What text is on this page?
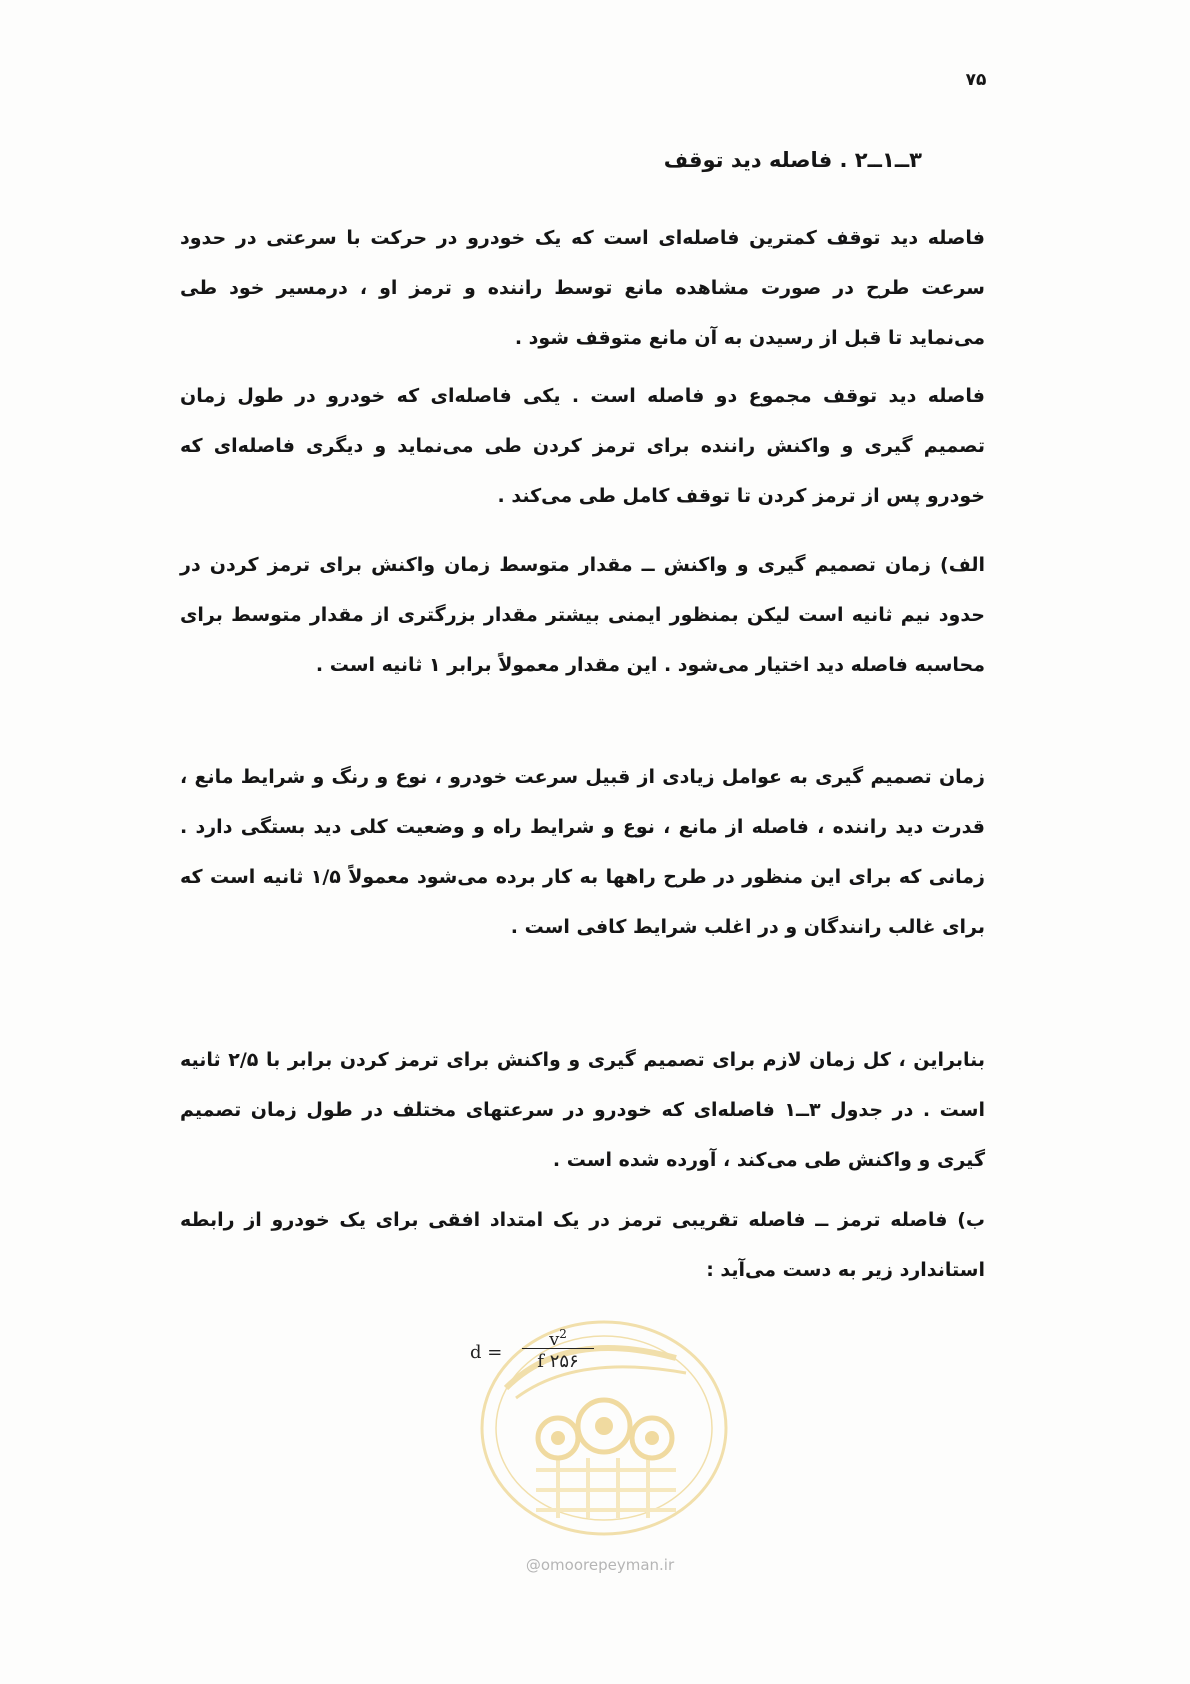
۷۵
۳ــ۱ــ۲ . فاصله دید توقف
فاصله دید توقف کمترین فاصله‌ای است که یک خودرو در حرکت با سرعتی در حدود سرعت طرح در صورت مشاهده مانع توسط راننده و ترمز او ، درمسیر خود طی می‌نماید تا قبل از رسیدن به آن مانع متوقف شود .
فاصله دید توقف مجموع دو فاصله است . یکی فاصله‌ای که خودرو در طول زمان تصمیم گیری و واکنش راننده برای ترمز کردن طی می‌نماید و دیگری فاصله‌ای که خودرو پس از ترمز کردن تا توقف کامل طی می‌کند .
الف) زمان تصمیم گیری و واکنش ــ مقدار متوسط زمان واکنش برای ترمز کردن در حدود نیم ثانیه است لیکن بمنظور ایمنی بیشتر مقدار بزرگتری از مقدار متوسط برای محاسبه فاصله دید اختیار می‌شود . این مقدار معمولاً برابر ۱ ثانیه است .
زمان تصمیم گیری به عوامل زیادی از قبیل سرعت خودرو ، نوع و رنگ و شرایط مانع ، قدرت دید راننده ، فاصله از مانع ، نوع و شرایط راه و وضعیت کلی دید بستگی دارد . زمانی که برای این منظور در طرح راهها به کار برده می‌شود معمولاً ۱/۵ ثانیه است که برای غالب رانندگان و در اغلب شرایط کافی است .
بنابراین ، کل زمان لازم برای تصمیم گیری و واکنش برای ترمز کردن برابر با ۲/۵ ثانیه است . در جدول ۳ــ۱ فاصله‌ای که خودرو در سرعتهای مختلف در طول زمان تصمیم گیری و واکنش طی می‌کند ، آورده شده است .
ب) فاصله ترمز ــ فاصله تقریبی ترمز در یک امتداد افقی برای یک خودرو از رابطه استاندارد زیر به دست می‌آید :
d =
$v^2$
۲۵۶ f
@omoorepeyman.ir
